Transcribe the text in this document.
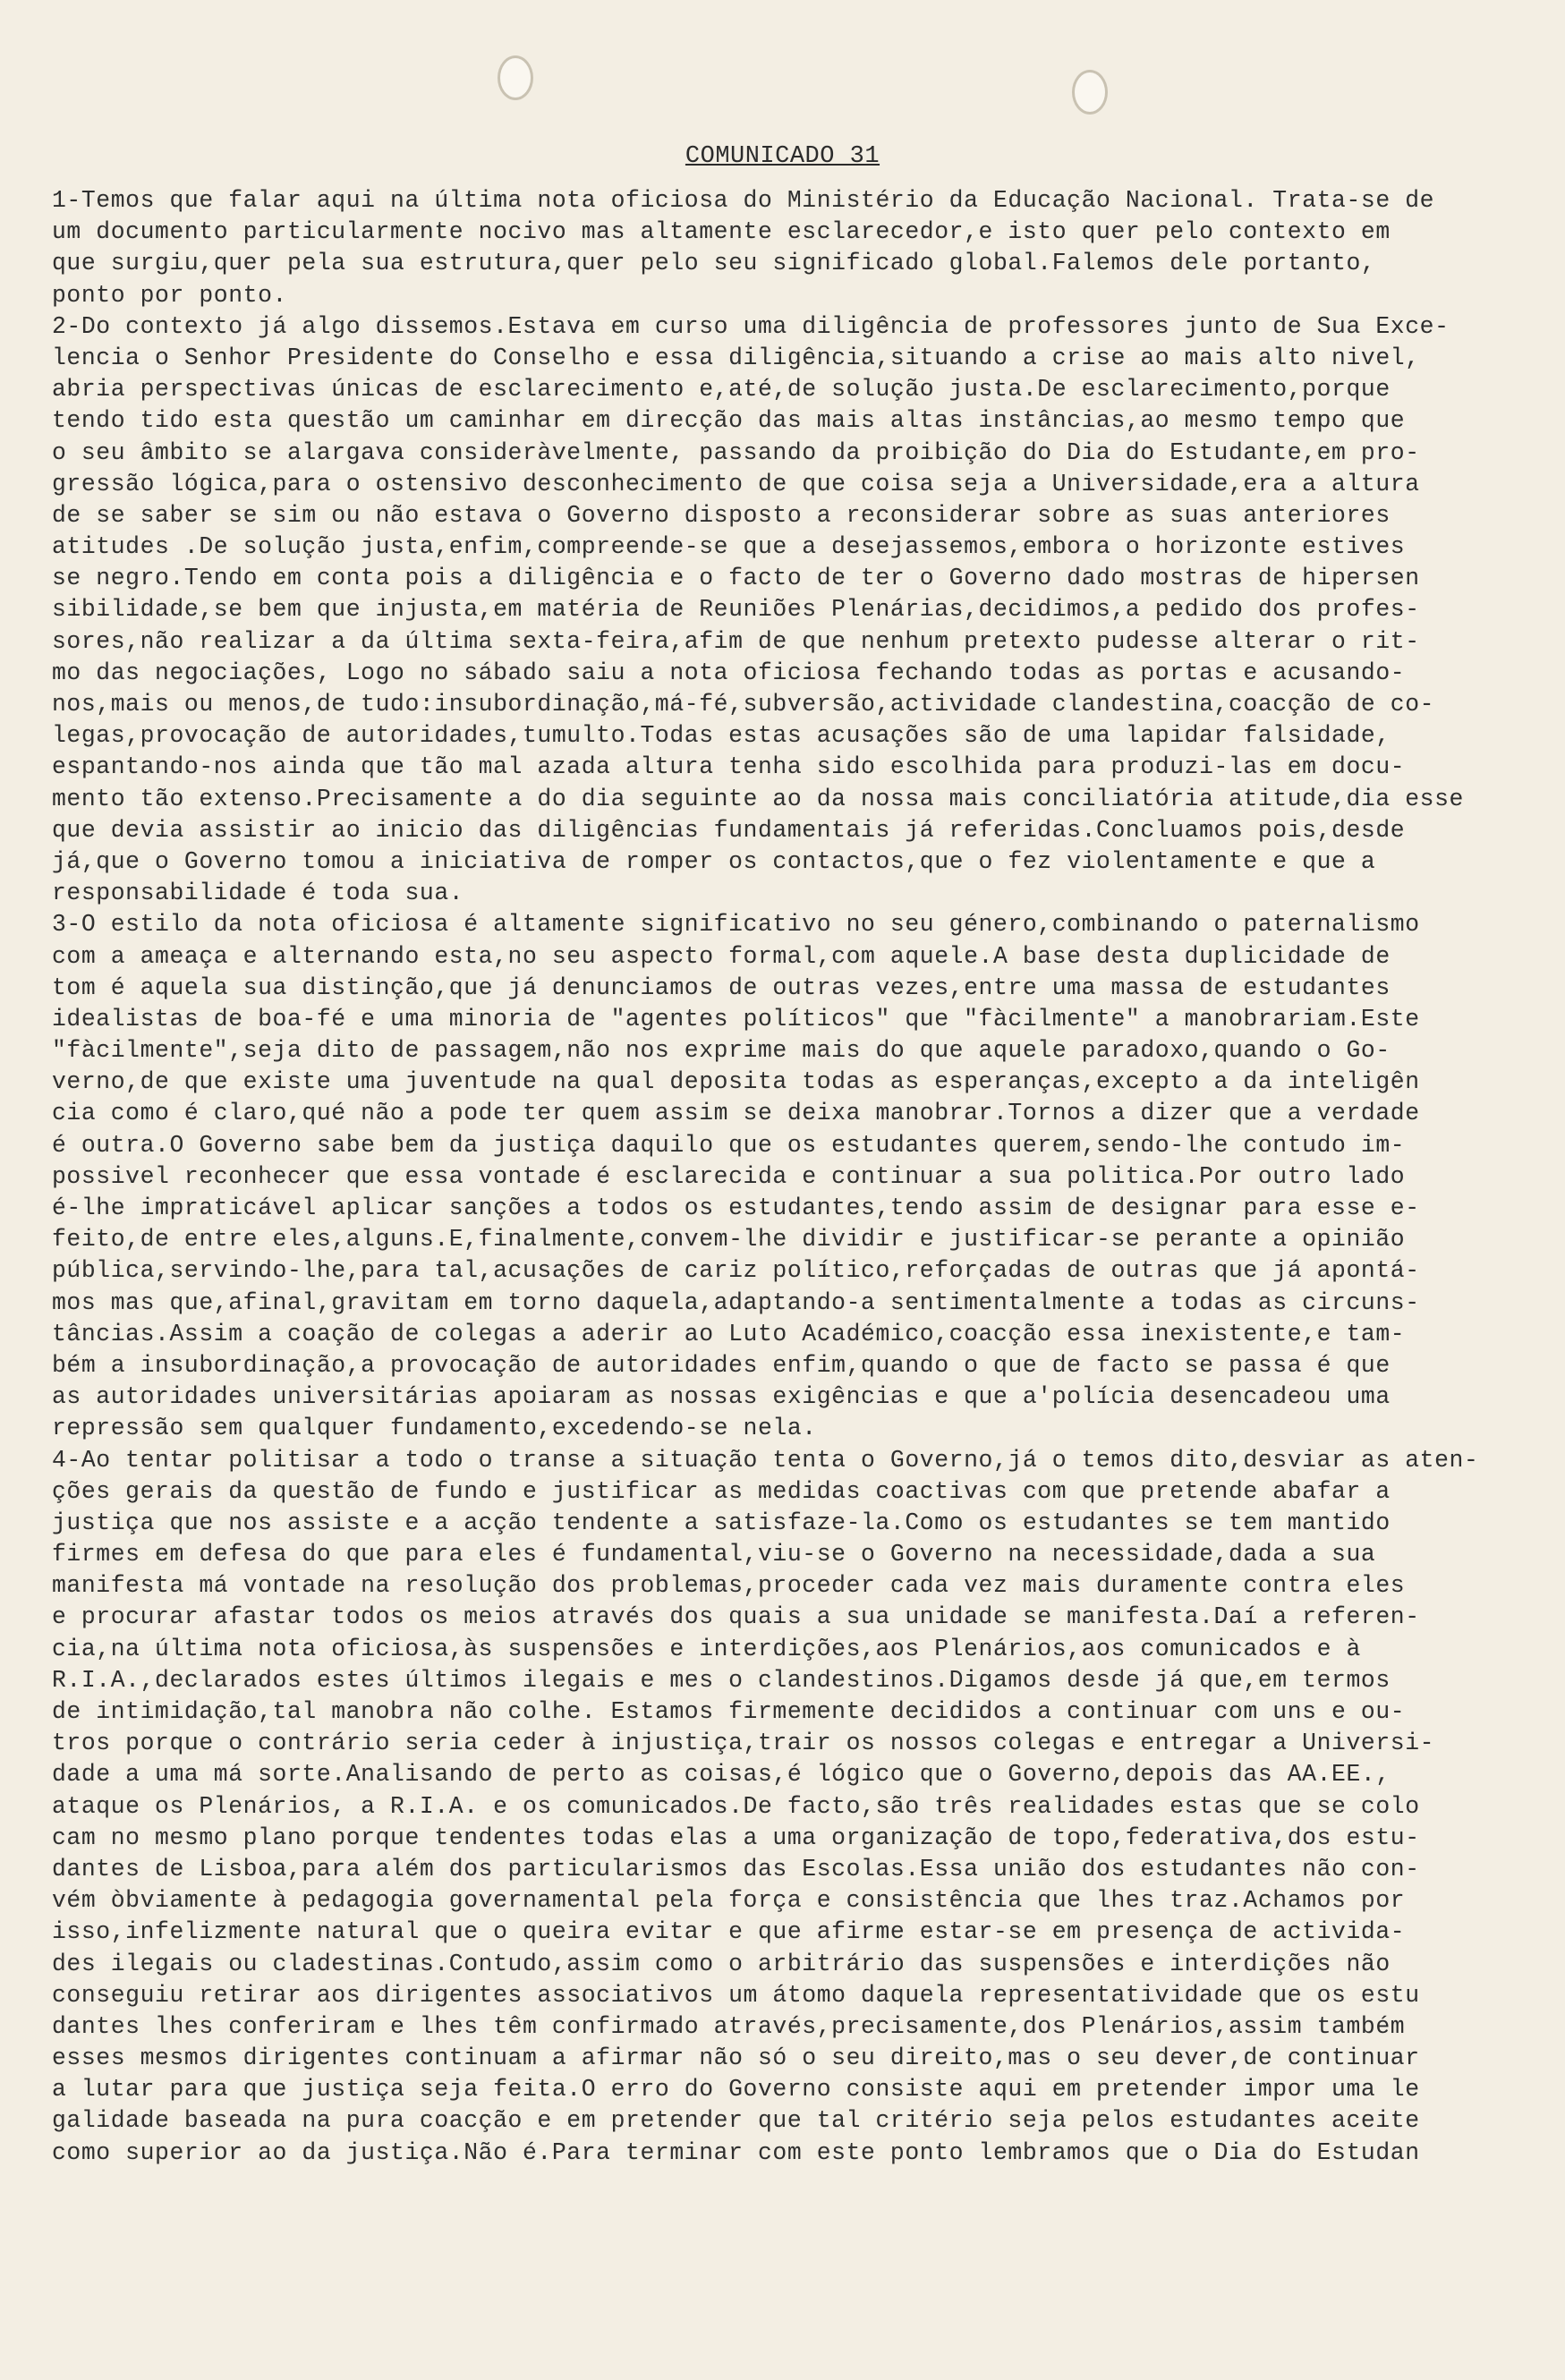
COMUNICADO 31
1-Temos que falar aqui na última nota oficiosa do Ministério da Educação Nacional. Trata-se de
um documento particularmente nocivo mas altamente esclarecedor,e isto quer pelo contexto em
que surgiu,quer pela sua estrutura,quer pelo seu significado global.Falemos dele portanto,
ponto por ponto.
2-Do contexto já algo dissemos.Estava em curso uma diligência de professores junto de Sua Exce-
lencia o Senhor Presidente do Conselho e essa diligência,situando a crise ao mais alto nivel,
abria perspectivas únicas de esclarecimento e,até,de solução justa.De esclarecimento,porque
tendo tido esta questão um caminhar em direcção das mais altas instâncias,ao mesmo tempo que
o seu âmbito se alargava consideràvelmente, passando da proibição do Dia do Estudante,em pro-
gressão lógica,para o ostensivo desconhecimento de que coisa seja a Universidade,era a altura
de se saber se sim ou não estava o Governo disposto a reconsiderar sobre as suas anteriores
atitudes .De solução justa,enfim,compreende-se que a desejassemos,embora o horizonte estives
se negro.Tendo em conta pois a diligência e o facto de ter o Governo dado mostras de hipersen
sibilidade,se bem que injusta,em matéria de Reuniões Plenárias,decidimos,a pedido dos profes-
sores,não realizar a da última sexta-feira,afim de que nenhum pretexto pudesse alterar o rit-
mo das negociações, Logo no sábado saiu a nota oficiosa fechando todas as portas e acusando-
nos,mais ou menos,de tudo:insubordinação,má-fé,subversão,actividade clandestina,coacção de co-
legas,provocação de autoridades,tumulto.Todas estas acusações são de uma lapidar falsidade,
espantando-nos ainda que tão mal azada altura tenha sido escolhida para produzi-las em docu-
mento tão extenso.Precisamente a do dia seguinte ao da nossa mais conciliatória atitude,dia esse
que devia assistir ao inicio das diligências fundamentais já referidas.Concluamos pois,desde
já,que o Governo tomou a iniciativa de romper os contactos,que o fez violentamente e que a
responsabilidade é toda sua.
3-O estilo da nota oficiosa é altamente significativo no seu género,combinando o paternalismo
com a ameaça e alternando esta,no seu aspecto formal,com aquele.A base desta duplicidade de
tom é aquela sua distinção,que já denunciamos de outras vezes,entre uma massa de estudantes
idealistas de boa-fé e uma minoria de "agentes políticos" que "fàcilmente" a manobrariam.Este
"fàcilmente",seja dito de passagem,não nos exprime mais do que aquele paradoxo,quando o Go-
verno,de que existe uma juventude na qual deposita todas as esperanças,excepto a da inteligên
cia como é claro,qué não a pode ter quem assim se deixa manobrar.Tornos a dizer que a verdade
é outra.O Governo sabe bem da justiça daquilo que os estudantes querem,sendo-lhe contudo im-
possivel reconhecer que essa vontade é esclarecida e continuar a sua politica.Por outro lado
é-lhe impraticável aplicar sanções a todos os estudantes,tendo assim de designar para esse e-
feito,de entre eles,alguns.E,finalmente,convem-lhe dividir e justificar-se perante a opinião
pública,servindo-lhe,para tal,acusações de cariz político,reforçadas de outras que já apontá-
mos mas que,afinal,gravitam em torno daquela,adaptando-a sentimentalmente a todas as circuns-
tâncias.Assim a coação de colegas a aderir ao Luto Académico,coacção essa inexistente,e tam-
bém a insubordinação,a provocação de autoridades enfim,quando o que de facto se passa é que
as autoridades universitárias apoiaram as nossas exigências e que a'polícia desencadeou uma
repressão sem qualquer fundamento,excedendo-se nela.
4-Ao tentar politisar a todo o transe a situação tenta o Governo,já o temos dito,desviar as aten-
ções gerais da questão de fundo e justificar as medidas coactivas com que pretende abafar a
justiça que nos assiste e a acção tendente a satisfaze-la.Como os estudantes se tem mantido
firmes em defesa do que para eles é fundamental,viu-se o Governo na necessidade,dada a sua
manifesta má vontade na resolução dos problemas,proceder cada vez mais duramente contra eles
e procurar afastar todos os meios através dos quais a sua unidade se manifesta.Daí a referen-
cia,na última nota oficiosa,às suspensões e interdições,aos Plenários,aos comunicados e à
R.I.A.,declarados estes últimos ilegais e mes o clandestinos.Digamos desde já que,em termos
de intimidação,tal manobra não colhe. Estamos firmemente decididos a continuar com uns e ou-
tros porque o contrário seria ceder à injustiça,trair os nossos colegas e entregar a Universi-
dade a uma má sorte.Analisando de perto as coisas,é lógico que o Governo,depois das AA.EE.,
ataque os Plenários, a R.I.A. e os comunicados.De facto,são três realidades estas que se colo
cam no mesmo plano porque tendentes todas elas a uma organização de topo,federativa,dos estu-
dantes de Lisboa,para além dos particularismos das Escolas.Essa união dos estudantes não con-
vém òbviamente à pedagogia governamental pela força e consistência que lhes traz.Achamos por
isso,infelizmente natural que o queira evitar e que afirme estar-se em presença de activida-
des ilegais ou cladestinas.Contudo,assim como o arbitrário das suspensões e interdições não
conseguiu retirar aos dirigentes associativos um átomo daquela representatividade que os estu
dantes lhes conferiram e lhes têm confirmado através,precisamente,dos Plenários,assim também
esses mesmos dirigentes continuam a afirmar não só o seu direito,mas o seu dever,de continuar
a lutar para que justiça seja feita.O erro do Governo consiste aqui em pretender impor uma le
galidade baseada na pura coacção e em pretender que tal critério seja pelos estudantes aceite
como superior ao da justiça.Não é.Para terminar com este ponto lembramos que o Dia do Estudan
